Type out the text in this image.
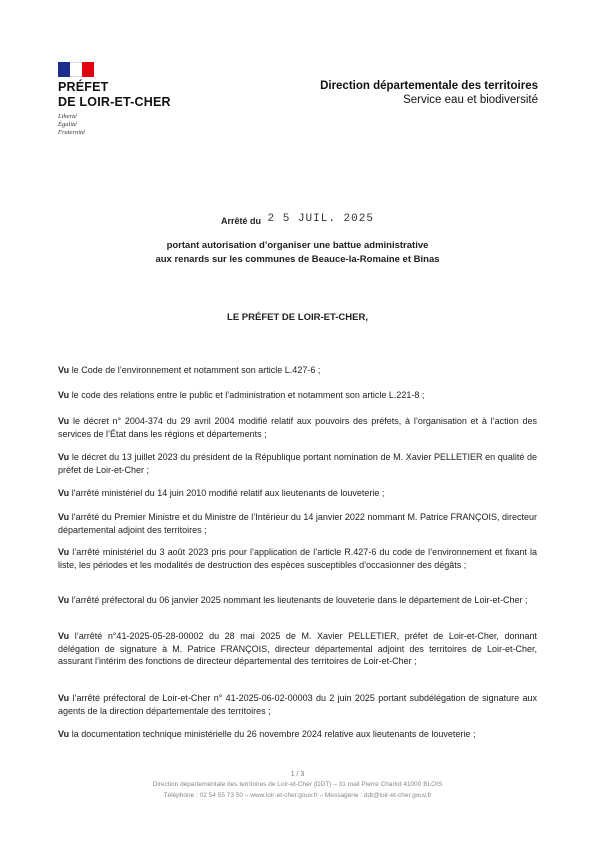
PRÉFET
DE LOIR-ET-CHER
Liberté
Égalité
Fraternité
Direction départementale des territoires
Service eau et biodiversité
Arrêté du 2 5 JUIL. 2025
portant autorisation d’organiser une battue administrative
aux renards sur les communes de Beauce-la-Romaine et Binas
LE PRÉFET DE LOIR-ET-CHER,
Vu le Code de l’environnement et notamment son article L.427-6 ;
Vu le code des relations entre le public et l’administration et notamment son article L.221-8 ;
Vu le décret n° 2004-374 du 29 avril 2004 modifié relatif aux pouvoirs des préfets, à l’organisation et à l’action des services de l’État dans les régions et départements ;
Vu le décret du 13 juillet 2023 du président de la République portant nomination de M. Xavier PELLETIER en qualité de préfet de Loir-et-Cher ;
Vu l’arrêté ministériel du 14 juin 2010 modifié relatif aux lieutenants de louveterie ;
Vu l’arrêté du Premier Ministre et du Ministre de l’Intérieur du 14 janvier 2022 nommant M. Patrice FRANÇOIS, directeur départemental adjoint des territoires ;
Vu l’arrêté ministériel du 3 août 2023 pris pour l’application de l’article R.427-6 du code de l’environnement et fixant la liste, les périodes et les modalités de destruction des espèces susceptibles d’occasionner des dégâts ;
Vu l’arrêté préfectoral du 06 janvier 2025 nommant les lieutenants de louveterie dans le département de Loir-et-Cher ;
Vu l’arrêté n°41-2025-05-28-00002 du 28 mai 2025 de M. Xavier PELLETIER, préfet de Loir-et-Cher, donnant délégation de signature à M. Patrice FRANÇOIS, directeur départemental adjoint des territoires de Loir-et-Cher, assurant l’intérim des fonctions de directeur départemental des territoires de Loir-et-Cher ;
Vu l’arrêté préfectoral de Loir-et-Cher n° 41-2025-06-02-00003 du 2 juin 2025 portant subdélégation de signature aux agents de la direction départementale des territoires ;
Vu la documentation technique ministérielle du 26 novembre 2024 relative aux lieutenants de louveterie ;
1 / 3
Direction départementale des territoires de Loir-et-Cher (DDT) – 31 mail Pierre Charlot 41000 BLOIS
Téléphone : 02 54 55 73 50 – www.loir-et-cher.gouv.fr – Messagerie : ddt@loir-et-cher.gouv.fr
